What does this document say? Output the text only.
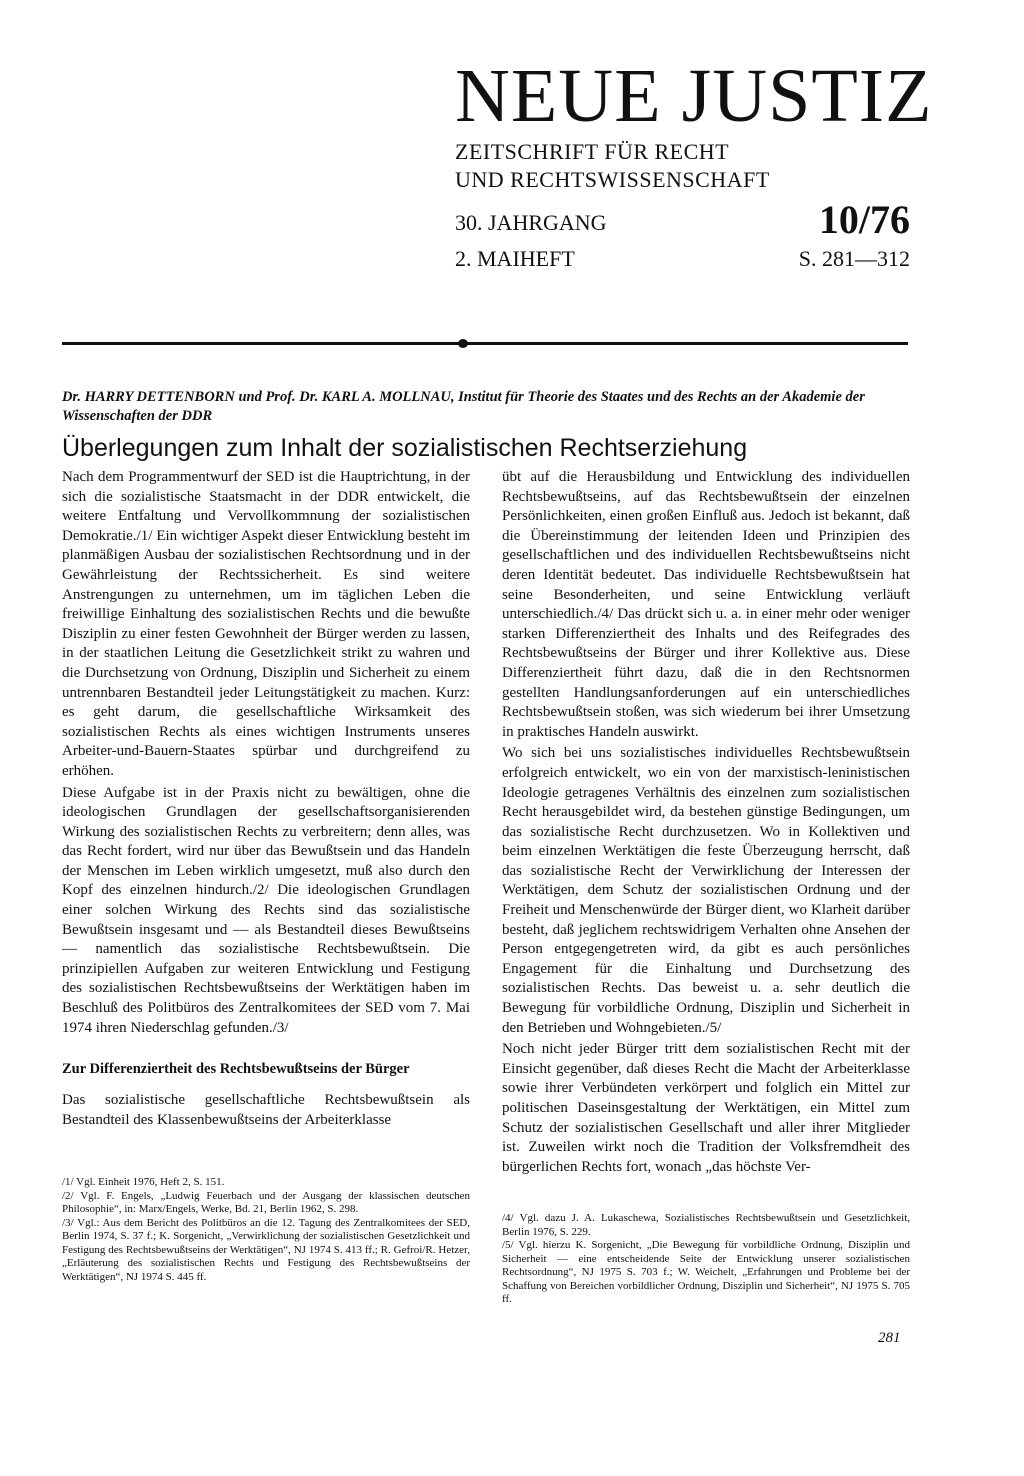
NEUE JUSTIZ
ZEITSCHRIFT FÜR RECHT
UND RECHTSWISSENSCHAFT
30. JAHRGANG	10/76
2. MAIHEFT	S. 281—312
Dr. HARRY DETTENBORN und Prof. Dr. KARL A. MOLLNAU, Institut für Theorie des Staates und des Rechts an der Akademie der Wissenschaften der DDR
Überlegungen zum Inhalt der sozialistischen Rechtserziehung

Nach dem Programmentwurf der SED ist die Hauptrichtung, in der sich die sozialistische Staatsmacht in der DDR entwickelt, die weitere Entfaltung und Vervollkommnung der sozialistischen Demokratie./1/ Ein wichtiger Aspekt dieser Entwicklung besteht im planmäßigen Ausbau der sozialistischen Rechtsordnung und in der Gewährleistung der Rechtssicherheit. Es sind weitere Anstrengungen zu unternehmen, um im täglichen Leben die freiwillige Einhaltung des sozialistischen Rechts und die bewußte Disziplin zu einer festen Gewohnheit der Bürger werden zu lassen, in der staatlichen Leitung die Gesetzlichkeit strikt zu wahren und die Durchsetzung von Ordnung, Disziplin und Sicherheit zu einem untrennbaren Bestandteil jeder Leitungstätigkeit zu machen. Kurz: es geht darum, die gesellschaftliche Wirksamkeit des sozialistischen Rechts als eines wichtigen Instruments unseres Arbeiter-und-Bauern-Staates spürbar und durchgreifend zu erhöhen.

Diese Aufgabe ist in der Praxis nicht zu bewältigen, ohne die ideologischen Grundlagen der gesellschaftsorganisierenden Wirkung des sozialistischen Rechts zu verbreitern; denn alles, was das Recht fordert, wird nur über das Bewußtsein und das Handeln der Menschen im Leben wirklich umgesetzt, muß also durch den Kopf des einzelnen hindurch./2/ Die ideologischen Grundlagen einer solchen Wirkung des Rechts sind das sozialistische Bewußtsein insgesamt und — als Bestandteil dieses Bewußtseins — namentlich das sozialistische Rechtsbewußtsein. Die prinzipiellen Aufgaben zur weiteren Entwicklung und Festigung des sozialistischen Rechtsbewußtseins der Werktätigen haben im Beschluß des Politbüros des Zentralkomitees der SED vom 7. Mai 1974 ihren Niederschlag gefunden./3/

Zur Differenziertheit des Rechtsbewußtseins der Bürger

Das sozialistische gesellschaftliche Rechtsbewußtsein als Bestandteil des Klassenbewußtseins der Arbeiterklasse

übt auf die Herausbildung und Entwicklung des individuellen Rechtsbewußtseins, auf das Rechtsbewußtsein der einzelnen Persönlichkeiten, einen großen Einfluß aus. Jedoch ist bekannt, daß die Übereinstimmung der leitenden Ideen und Prinzipien des gesellschaftlichen und des individuellen Rechtsbewußtseins nicht deren Identität bedeutet. Das individuelle Rechtsbewußtsein hat seine Besonderheiten, und seine Entwicklung verläuft unterschiedlich./4/ Das drückt sich u. a. in einer mehr oder weniger starken Differenziertheit des Inhalts und des Reifegrades des Rechtsbewußtseins der Bürger und ihrer Kollektive aus. Diese Differenziertheit führt dazu, daß die in den Rechtsnormen gestellten Handlungsanforderungen auf ein unterschiedliches Rechtsbewußtsein stoßen, was sich wiederum bei ihrer Umsetzung in praktisches Handeln auswirkt.

Wo sich bei uns sozialistisches individuelles Rechtsbewußtsein erfolgreich entwickelt, wo ein von der marxistisch-leninistischen Ideologie getragenes Verhältnis des einzelnen zum sozialistischen Recht herausgebildet wird, da bestehen günstige Bedingungen, um das sozialistische Recht durchzusetzen. Wo in Kollektiven und beim einzelnen Werktätigen die feste Überzeugung herrscht, daß das sozialistische Recht der Verwirklichung der Interessen der Werktätigen, dem Schutz der sozialistischen Ordnung und der Freiheit und Menschenwürde der Bürger dient, wo Klarheit darüber besteht, daß jeglichem rechtswidrigem Verhalten ohne Ansehen der Person entgegengetreten wird, da gibt es auch persönliches Engagement für die Einhaltung und Durchsetzung des sozialistischen Rechts. Das beweist u. a. sehr deutlich die Bewegung für vorbildliche Ordnung, Disziplin und Sicherheit in den Betrieben und Wohngebieten./5/

Noch nicht jeder Bürger tritt dem sozialistischen Recht mit der Einsicht gegenüber, daß dieses Recht die Macht der Arbeiterklasse sowie ihrer Verbündeten verkörpert und folglich ein Mittel zur politischen Daseinsgestaltung der Werktätigen, ein Mittel zum Schutz der sozialistischen Gesellschaft und aller ihrer Mitglieder ist. Zuweilen wirkt noch die Tradition der Volksfremdheit des bürgerlichen Rechts fort, wonach „das höchste Ver-

/1/ Vgl. Einheit 1976, Heft 2, S. 151.
/2/ Vgl. F. Engels, „Ludwig Feuerbach und der Ausgang der klassischen deutschen Philosophie“, in: Marx/Engels, Werke, Bd. 21, Berlin 1962, S. 298.
/3/ Vgl.: Aus dem Bericht des Politbüros an die 12. Tagung des Zentralkomitees der SED, Berlin 1974, S. 37 f.; K. Sorgenicht, „Verwirklichung der sozialistischen Gesetzlichkeit und Festigung des Rechtsbewußtseins der Werktätigen“, NJ 1974 S. 413 ff.; R. Gefroi/R. Hetzer, „Erläuterung des sozialistischen Rechts und Festigung des Rechtsbewußtseins der Werktätigen“, NJ 1974 S. 445 ff.
/4/ Vgl. dazu J. A. Lukaschewa, Sozialistisches Rechtsbewußtsein und Gesetzlichkeit, Berlin 1976, S. 229.
/5/ Vgl. hierzu K. Sorgenicht, „Die Bewegung für vorbildliche Ordnung, Disziplin und Sicherheit — eine entscheidende Seite der Entwicklung unserer sozialistischen Rechtsordnung“, NJ 1975 S. 703 f.; W. Weichelt, „Erfahrungen und Probleme bei der Schaffung von Bereichen vorbildlicher Ordnung, Disziplin und Sicherheit“, NJ 1975 S. 705 ff.
281
